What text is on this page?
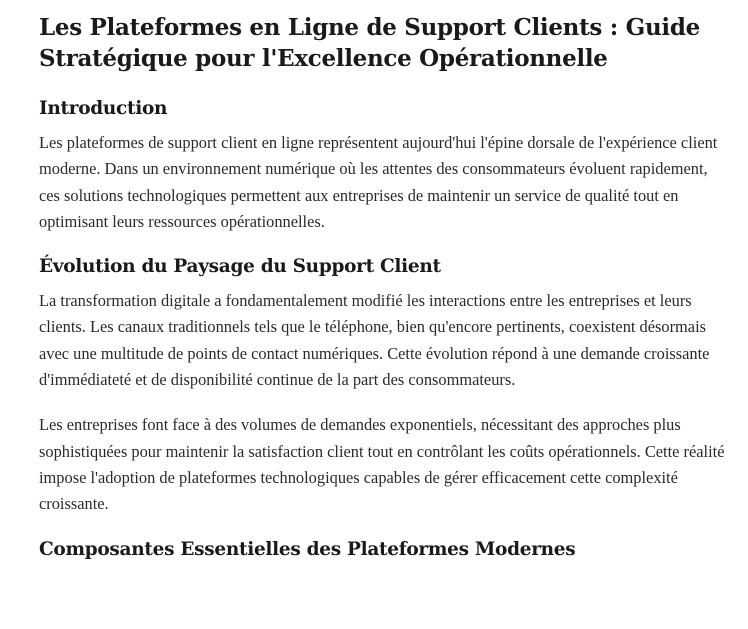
Les Plateformes en Ligne de Support Clients : Guide Stratégique pour l'Excellence Opérationnelle
Introduction

Les plateformes de support client en ligne représentent aujourd'hui l'épine dorsale de l'expérience client moderne. Dans un environnement numérique où les attentes des consommateurs évoluent rapidement, ces solutions technologiques permettent aux entreprises de maintenir un service de qualité tout en optimisant leurs ressources opérationnelles.

Évolution du Paysage du Support Client

La transformation digitale a fondamentalement modifié les interactions entre les entreprises et leurs clients. Les canaux traditionnels tels que le téléphone, bien qu'encore pertinents, coexistent désormais avec une multitude de points de contact numériques. Cette évolution répond à une demande croissante d'immédiateté et de disponibilité continue de la part des consommateurs.

Les entreprises font face à des volumes de demandes exponentiels, nécessitant des approches plus sophistiquées pour maintenir la satisfaction client tout en contrôlant les coûts opérationnels. Cette réalité impose l'adoption de plateformes technologiques capables de gérer efficacement cette complexité croissante.

Composantes Essentielles des Plateformes Modernes
